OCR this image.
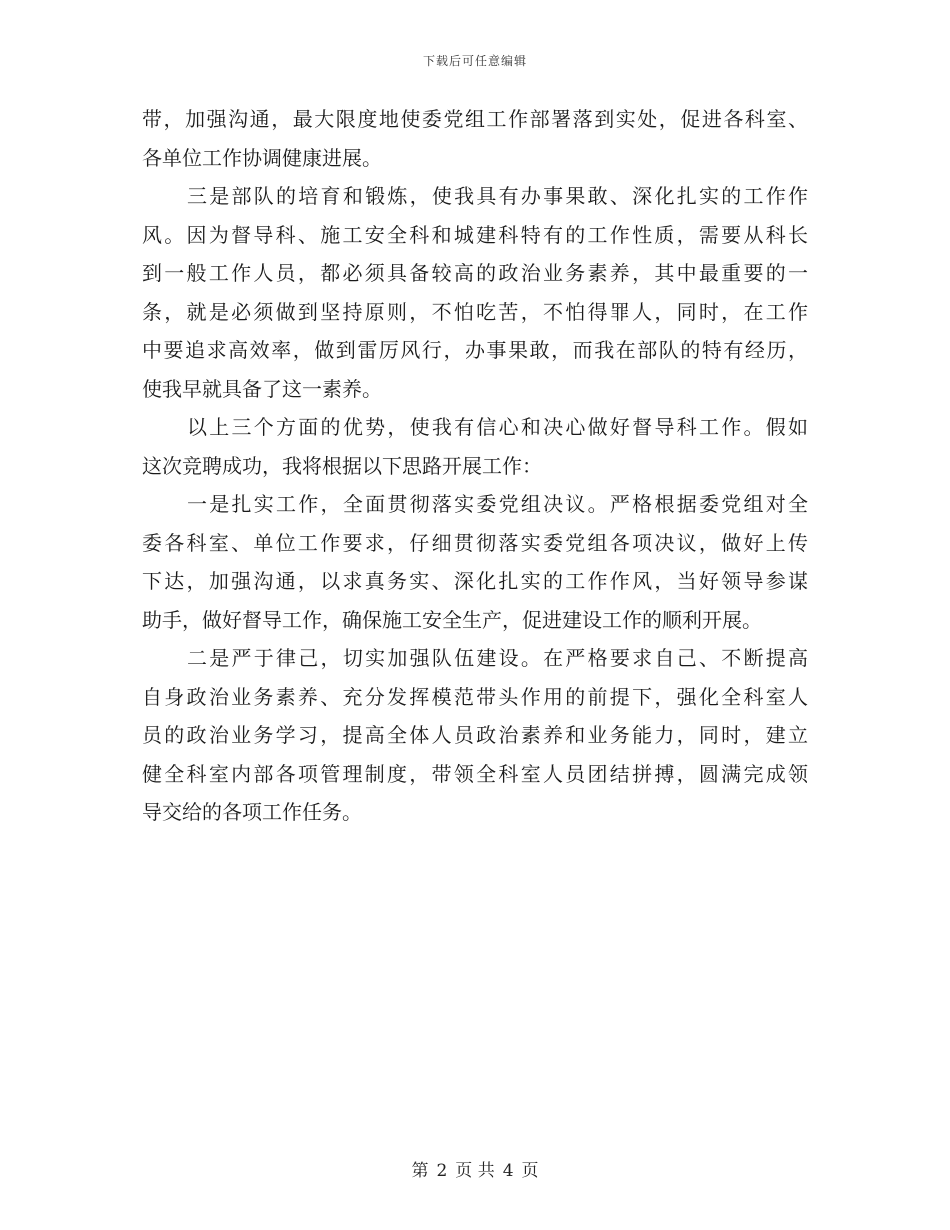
下载后可任意编辑
带，加强沟通，最大限度地使委党组工作部署落到实处，促进各科室、
各单位工作协调健康进展。
三是部队的培育和锻炼，使我具有办事果敢、深化扎实的工作作
风。因为督导科、施工安全科和城建科特有的工作性质，需要从科长
到一般工作人员，都必须具备较高的政治业务素养，其中最重要的一
条，就是必须做到坚持原则，不怕吃苦，不怕得罪人，同时，在工作
中要追求高效率，做到雷厉风行，办事果敢，而我在部队的特有经历，
使我早就具备了这一素养。
以上三个方面的优势，使我有信心和决心做好督导科工作。假如
这次竞聘成功，我将根据以下思路开展工作：
一是扎实工作，全面贯彻落实委党组决议。严格根据委党组对全
委各科室、单位工作要求，仔细贯彻落实委党组各项决议，做好上传
下达，加强沟通，以求真务实、深化扎实的工作作风，当好领导参谋
助手，做好督导工作，确保施工安全生产，促进建设工作的顺利开展。
二是严于律己，切实加强队伍建设。在严格要求自己、不断提高
自身政治业务素养、充分发挥模范带头作用的前提下，强化全科室人
员的政治业务学习，提高全体人员政治素养和业务能力，同时，建立
健全科室内部各项管理制度，带领全科室人员团结拼搏，圆满完成领
导交给的各项工作任务。
第 2 页 共 4 页
